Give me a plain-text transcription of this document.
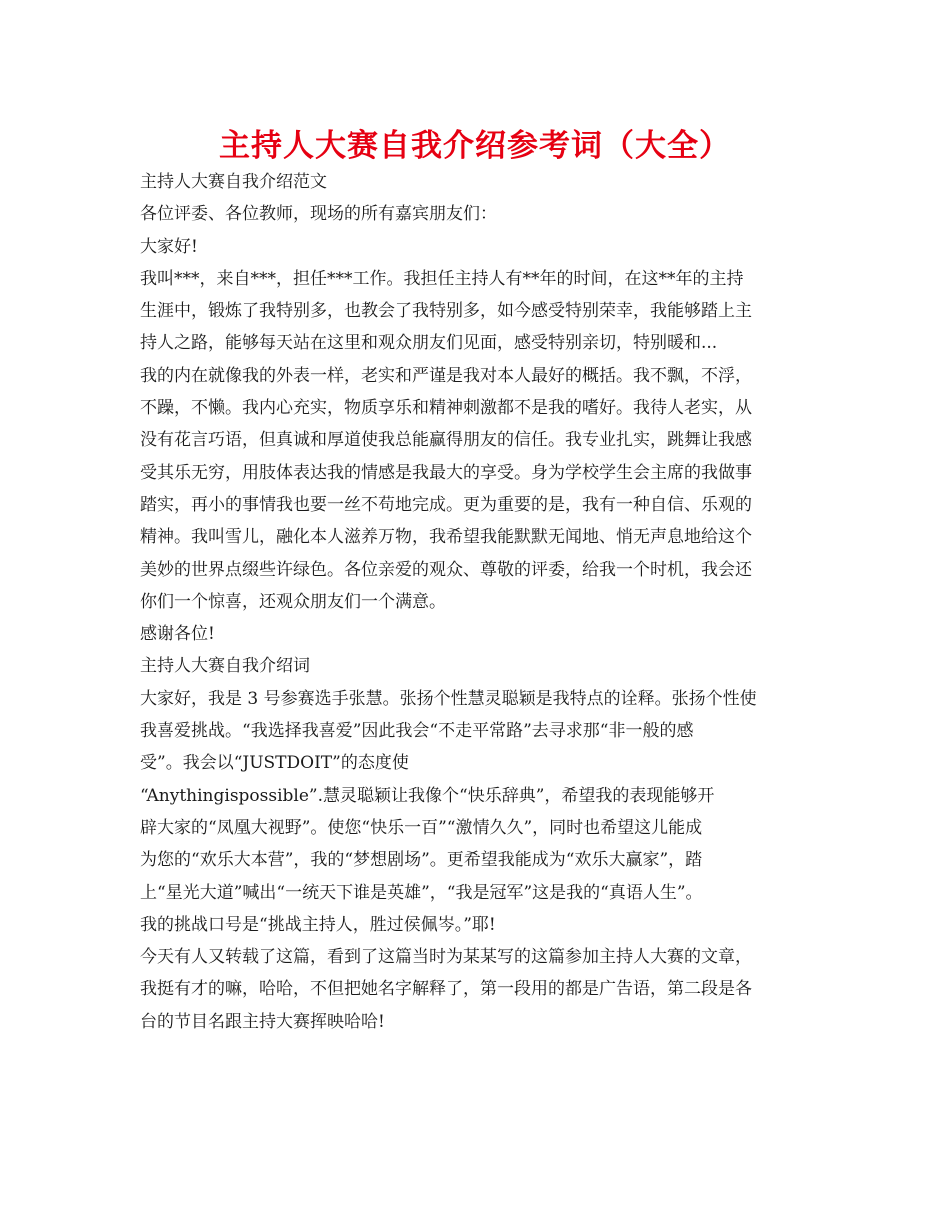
主持人大赛自我介绍参考词（大全）
主持人大赛自我介绍范文
各位评委、各位教师，现场的所有嘉宾朋友们：
大家好!
我叫***，来自***，担任***工作。我担任主持人有**年的时间，在这**年的主持
生涯中，锻炼了我特别多，也教会了我特别多，如今感受特别荣幸，我能够踏上主
持人之路，能够每天站在这里和观众朋友们见面，感受特别亲切，特别暖和...
我的内在就像我的外表一样，老实和严谨是我对本人最好的概括。我不飘，不浮，
不躁，不懒。我内心充实，物质享乐和精神刺激都不是我的嗜好。我待人老实，从
没有花言巧语，但真诚和厚道使我总能赢得朋友的信任。我专业扎实，跳舞让我感
受其乐无穷，用肢体表达我的情感是我最大的享受。身为学校学生会主席的我做事
踏实，再小的事情我也要一丝不苟地完成。更为重要的是，我有一种自信、乐观的
精神。我叫雪儿，融化本人滋养万物，我希望我能默默无闻地、悄无声息地给这个
美妙的世界点缀些许绿色。各位亲爱的观众、尊敬的评委，给我一个时机，我会还
你们一个惊喜，还观众朋友们一个满意。
感谢各位!
主持人大赛自我介绍词
大家好，我是 3 号参赛选手张慧。张扬个性慧灵聪颖是我特点的诠释。张扬个性使
我喜爱挑战。“我选择我喜爱”因此我会“不走平常路”去寻求那“非一般的感
受”。我会以“JUSTDOIT”的态度使
“Anythingispossible”.慧灵聪颖让我像个“快乐辞典”，希望我的表现能够开
辟大家的“凤凰大视野”。使您“快乐一百”“激情久久”，同时也希望这儿能成
为您的“欢乐大本营”，我的“梦想剧场”。更希望我能成为“欢乐大赢家”，踏
上“星光大道”喊出“一统天下谁是英雄”，“我是冠军”这是我的“真语人生”。
我的挑战口号是“挑战主持人，胜过侯佩岑。”耶!
今天有人又转载了这篇，看到了这篇当时为某某写的这篇参加主持人大赛的文章，
我挺有才的嘛，哈哈，不但把她名字解释了，第一段用的都是广告语，第二段是各
台的节目名跟主持大赛挥映哈哈!
